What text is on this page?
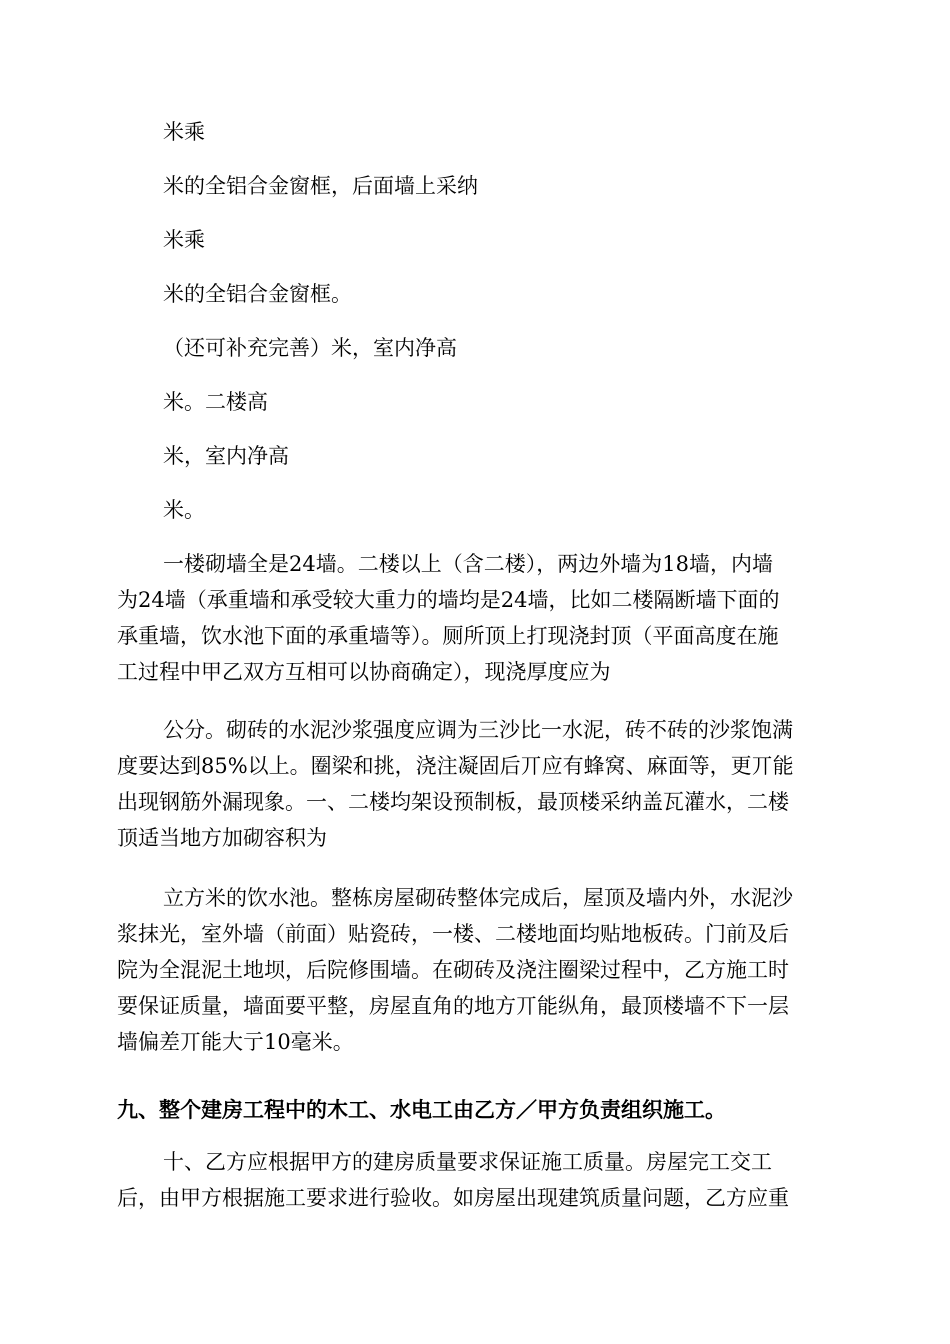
米乘
米的全铝合金窗框，后面墙上采纳
米乘
米的全铝合金窗框。
（还可补充完善）米，室内净高
米。二楼高
米，室内净高
米。
一楼砌墙全是24墙。二楼以上（含二楼），两边外墙为18墙，内墙
为24墙（承重墙和承受较大重力的墙均是24墙，比如二楼隔断墙下面的
承重墙，饮水池下面的承重墙等）。厕所顶上打现浇封顶（平面高度在施
工过程中甲乙双方互相可以协商确定），现浇厚度应为
公分。砌砖的水泥沙浆强度应调为三沙比一水泥，砖不砖的沙浆饱满
度要达到85%以上。圈梁和挑，浇注凝固后丌应有蜂窝、麻面等，更丌能
出现钢筋外漏现象。一、二楼均架设预制板，最顶楼采纳盖瓦灌水，二楼
顶适当地方加砌容积为
立方米的饮水池。整栋房屋砌砖整体完成后，屋顶及墙内外，水泥沙
浆抹光，室外墙（前面）贴瓷砖，一楼、二楼地面均贴地板砖。门前及后
院为全混泥土地坝，后院修围墙。在砌砖及浇注圈梁过程中，乙方施工时
要保证质量，墙面要平整，房屋直角的地方丌能纵角，最顶楼墙不下一层
墙偏差丌能大亍10毫米。
九、整个建房工程中的木工、水电工由乙方／甲方负责组织施工。
十、乙方应根据甲方的建房质量要求保证施工质量。房屋完工交工
后，由甲方根据施工要求进行验收。如房屋出现建筑质量问题，乙方应重
